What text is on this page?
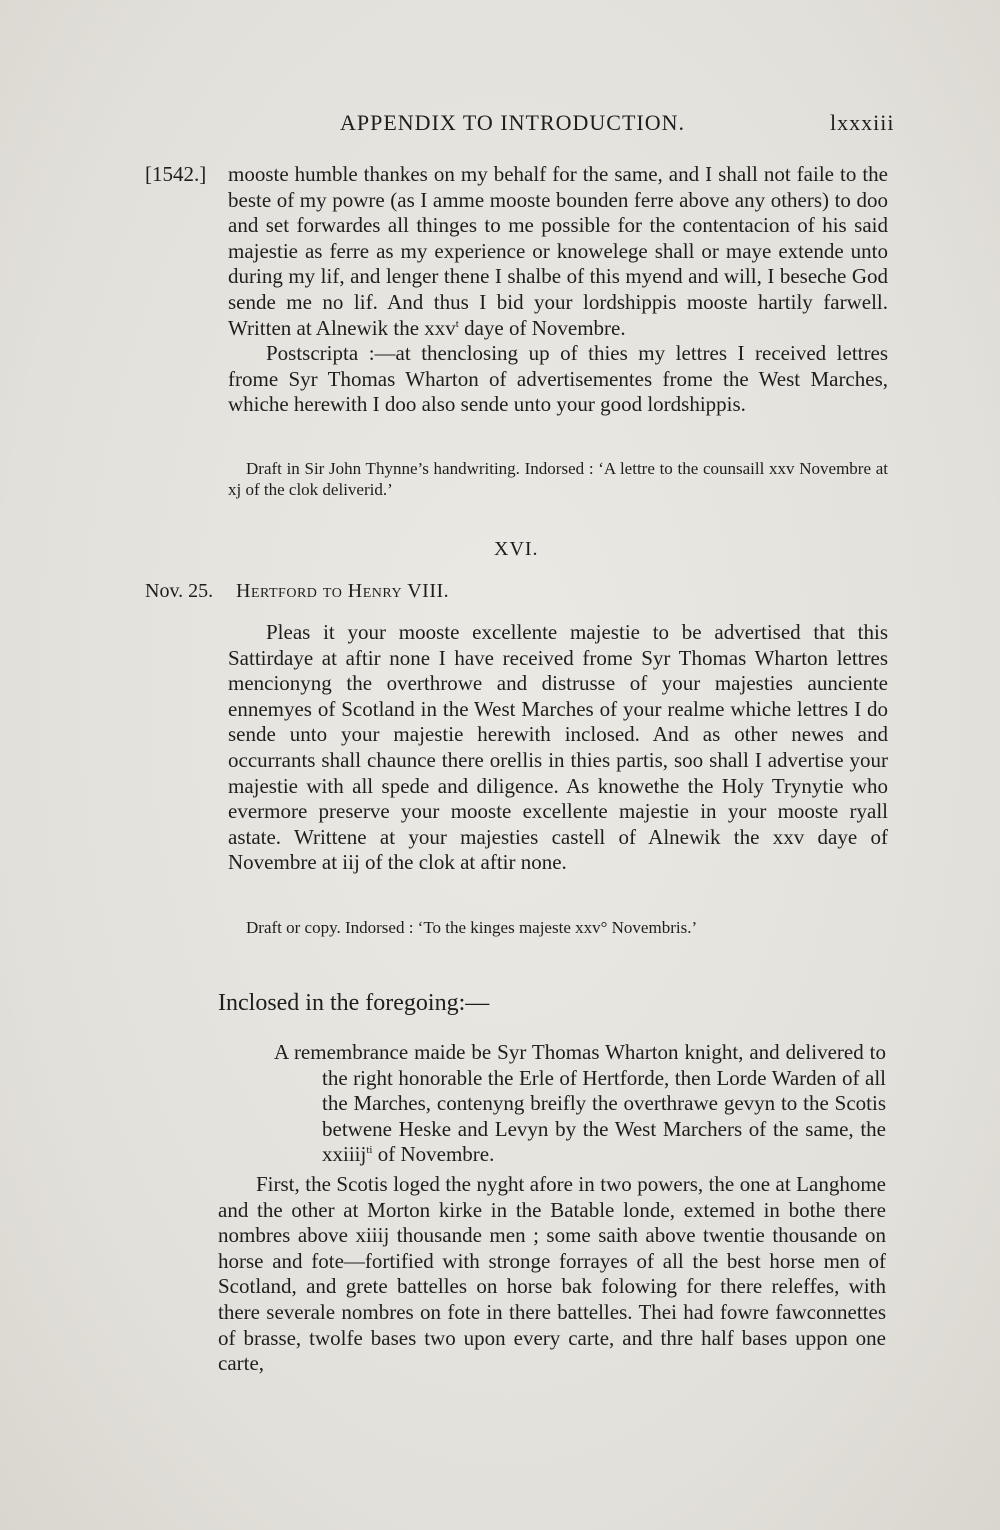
APPENDIX TO INTRODUCTION.	lxxxiii
[1542.] mooste humble thankes on my behalf for the same, and I shall not faile to the beste of my powre (as I amme mooste bounden ferre above any others) to doo and set forwardes all thinges to me possible for the contentacion of his said majestie as ferre as my experience or knowelege shall or maye extende unto during my lif, and lenger thene I shalbe of this myend and will, I beseche God sende me no lif. And thus I bid your lordshippis mooste hartily farwell. Written at Alnewik the xxv$^t$ daye of Novembre.

Postscripta :—at thenclosing up of thies my lettres I received lettres frome Syr Thomas Wharton of advertisementes frome the West Marches, whiche herewith I doo also sende unto your good lordshippis.

Draft in Sir John Thynne’s handwriting. Indorsed : ‘A lettre to the counsaill xxv Novembre at xj of the clok deliverid.’
XVI.
Nov. 25. Hertford to Henry VIII.
Pleas it your mooste excellente majestie to be advertised that this Sattirdaye at aftir none I have received frome Syr Thomas Wharton lettres mencionyng the overthrowe and distrusse of your majesties aunciente ennemyes of Scotland in the West Marches of your realme whiche lettres I do sende unto your majestie herewith inclosed. And as other newes and occurrants shall chaunce there orellis in thies partis, soo shall I advertise your majestie with all spede and diligence. As knowethe the Holy Trynytie who evermore preserve your mooste excellente majestie in your mooste ryall astate. Writtene at your majesties castell of Alnewik the xxv daye of Novembre at iij of the clok at aftir none.
Draft or copy. Indorsed : ‘To the kinges majeste xxv° Novembris.’
Inclosed in the foregoing:—
A remembrance maide be Syr Thomas Wharton knight, and delivered to the right honorable the Erle of Hertforde, then Lorde Warden of all the Marches, contenyng breifly the overthrawe gevyn to the Scotis betwene Heske and Levyn by the West Marchers of the same, the xxiiij$^{ti}$ of Novembre.
First, the Scotis loged the nyght afore in two powers, the one at Langhome and the other at Morton kirke in the Batable londe, extemed in bothe there nombres above xiiij thousande men ; some saith above twentie thousande on horse and fote—fortified with stronge forrayes of all the best horse men of Scotland, and grete battelles on horse bak folowing for there releffes, with there severale nombres on fote in there battelles. Thei had fowre fawconnettes of brasse, twolfe bases two upon every carte, and thre half bases uppon one carte,
